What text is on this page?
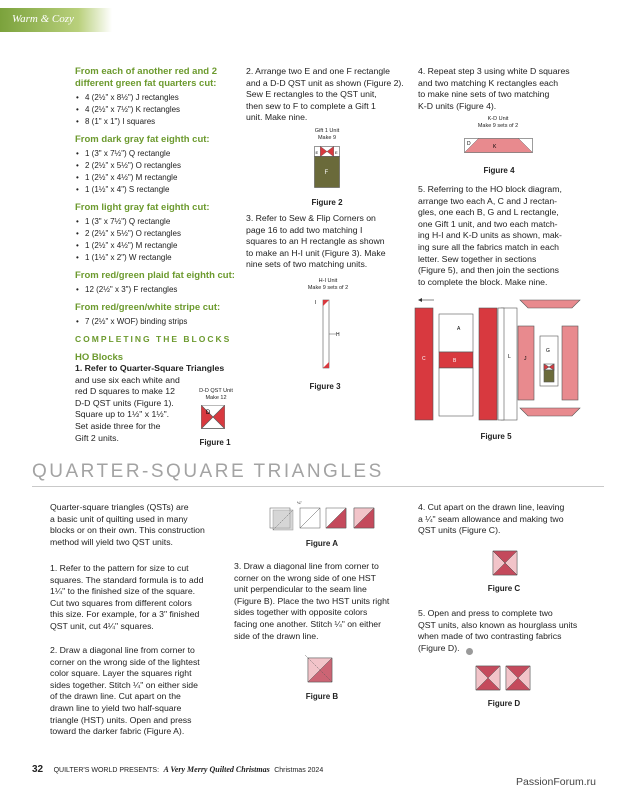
Warm & Cozy
From each of another red and 2 different green fat quarters cut:
• 4 (2½" x 8½") J rectangles
• 4 (2½" x 7½") K rectangles
• 8 (1" x 1") I squares
From dark gray fat eighth cut:
• 1 (3" x 7½") Q rectangle
• 2 (2½" x 5½") O rectangles
• 1 (2½" x 4½") M rectangle
• 1 (1½" x 4") S rectangle
From light gray fat eighth cut:
• 1 (3" x 7½") Q rectangle
• 2 (2½" x 5½") O rectangles
• 1 (2½" x 4½") M rectangle
• 1 (1½" x 2") W rectangle
From red/green plaid fat eighth cut:
• 12 (2½" x 3") F rectangles
From red/green/white stripe cut:
• 7 (2½" x WOF) binding strips
COMPLETING THE BLOCKS
HO Blocks
1. Refer to Quarter-Square Triangles
and use six each white and
red D squares to make 12
D-D QST units (Figure 1).
Square up to 1½" x 1½".
Set aside three for the
Gift 2 units.
D-D QST Unit
Make 12
D
Figure 1
2. Arrange two E and one F rectangle
and a D-D QST unit as shown (Figure 2).
Sew E rectangles to the QST unit,
then sew to F to complete a Gift 1
unit. Make nine.
Gift 1 Unit
Make 9
E	E
F
Figure 2
3. Refer to Sew & Flip Corners on
page 16 to add two matching I
squares to an H rectangle as shown
to make an H-I unit (Figure 3). Make
nine sets of two matching units.
H-I Unit
Make 9 sets of 2
I
H
Figure 3
4. Repeat step 3 using white D squares
and two matching K rectangles each
to make nine sets of two matching
K-D units (Figure 4).
K-D Unit
Make 9 sets of 2
D	K
Figure 4
5. Referring to the HO block diagram,
arrange two each A, C and J rectan-
gles, one each B, G and L rectangle,
one Gift 1 unit, and two each match-
ing H-I and K-D units as shown, mak-
ing sure all the fabrics match in each
letter. Sew together in sections
(Figure 5), and then join the sections
to complete the block. Make nine.
A
B
C	L	J
G
Figure 5
QUARTER-SQUARE TRIANGLES
Quarter-square triangles (QSTs) are
a basic unit of quilting used in many
blocks or on their own. This construction
method will yield two QST units.
1. Refer to the pattern for size to cut
squares. The standard formula is to add
1¼" to the finished size of the square.
Cut two squares from different colors
this size. For example, for a 3" finished
QST unit, cut 4¼" squares.
2. Draw a diagonal line from corner to
corner on the wrong side of the lightest
color square. Layer the squares right
sides together. Stitch ¼" on either side
of the drawn line. Cut apart on the
drawn line to yield two half-square
triangle (HST) units. Open and press
toward the darker fabric (Figure A).
¼"
Figure A
3. Draw a diagonal line from corner to
corner on the wrong side of one HST
unit perpendicular to the seam line
(Figure B). Place the two HST units right
sides together with opposite colors
facing one another. Stitch ¼" on either
side of the drawn line.
Figure B
4. Cut apart on the drawn line, leaving
a ¼" seam allowance and making two
QST units (Figure C).
Figure C
5. Open and press to complete two
QST units, also known as hourglass units
when made of two contrasting fabrics
(Figure D).
Figure D
32 QUILTER'S WORLD PRESENTS: A Very Merry Quilted Christmas Christmas 2024
PassionForum.ru
